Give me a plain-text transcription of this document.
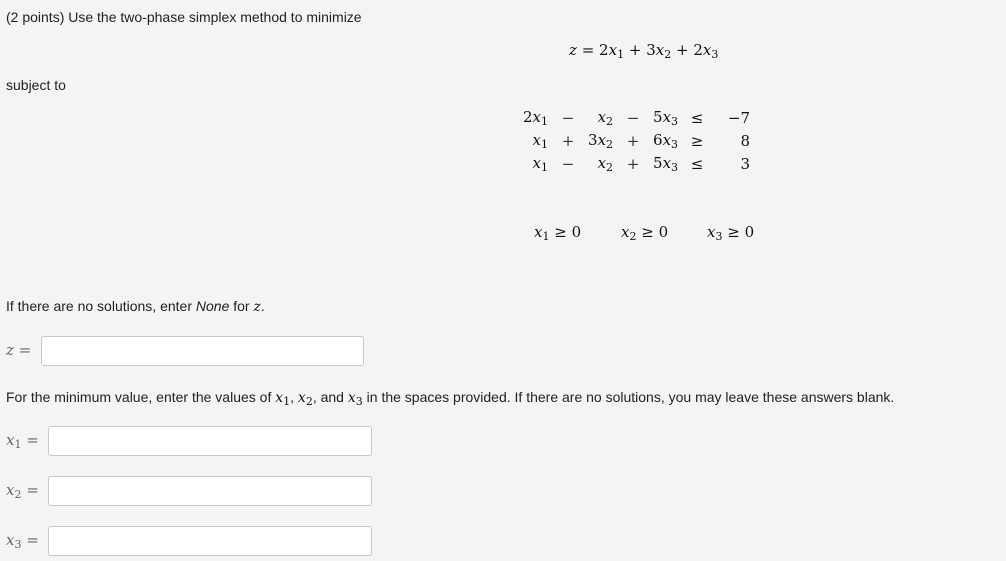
(2 points) Use the two-phase simplex method to minimize
$z = 2x_1 + 3x_2 + 2x_3$
subject to
$2x_1$	−	$x_2$	−	$5x_3$	≤	−7
$x_1$	+	$3x_2$	+	$6x_3$	≥	8
$x_1$	−	$x_2$	+	$5x_3$	≤	3
$x_1 \ge 0$	$x_2 \ge 0$	$x_3 \ge 0$
If there are no solutions, enter None for z.
z =
For the minimum value, enter the values of $x_1$, $x_2$, and $x_3$ in the spaces provided. If there are no solutions, you may leave these answers blank.
$x_1$ =
$x_2$ =
$x_3$ =
